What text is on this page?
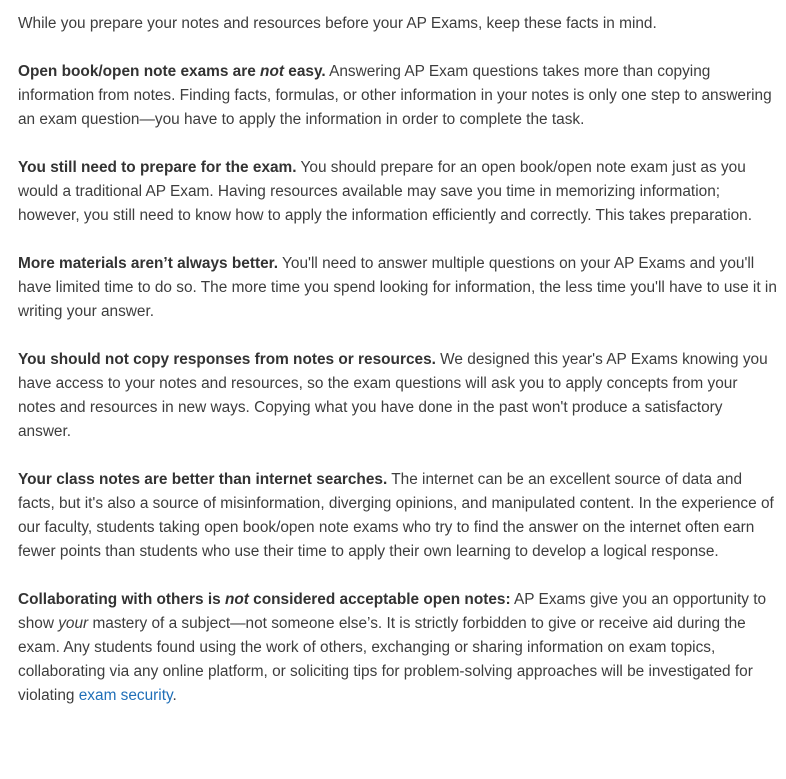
While you prepare your notes and resources before your AP Exams, keep these facts in mind.

Open book/open note exams are not easy. Answering AP Exam questions takes more than copying information from notes. Finding facts, formulas, or other information in your notes is only one step to answering an exam question—you have to apply the information in order to complete the task.

You still need to prepare for the exam. You should prepare for an open book/open note exam just as you would a traditional AP Exam. Having resources available may save you time in memorizing information; however, you still need to know how to apply the information efficiently and correctly. This takes preparation.

More materials aren’t always better. You'll need to answer multiple questions on your AP Exams and you'll have limited time to do so. The more time you spend looking for information, the less time you'll have to use it in writing your answer.

You should not copy responses from notes or resources. We designed this year's AP Exams knowing you have access to your notes and resources, so the exam questions will ask you to apply concepts from your notes and resources in new ways. Copying what you have done in the past won't produce a satisfactory answer.

Your class notes are better than internet searches. The internet can be an excellent source of data and facts, but it's also a source of misinformation, diverging opinions, and manipulated content. In the experience of our faculty, students taking open book/open note exams who try to find the answer on the internet often earn fewer points than students who use their time to apply their own learning to develop a logical response.

Collaborating with others is not considered acceptable open notes: AP Exams give you an opportunity to show your mastery of a subject—not someone else’s. It is strictly forbidden to give or receive aid during the exam. Any students found using the work of others, exchanging or sharing information on exam topics, collaborating via any online platform, or soliciting tips for problem-solving approaches will be investigated for violating exam security.
